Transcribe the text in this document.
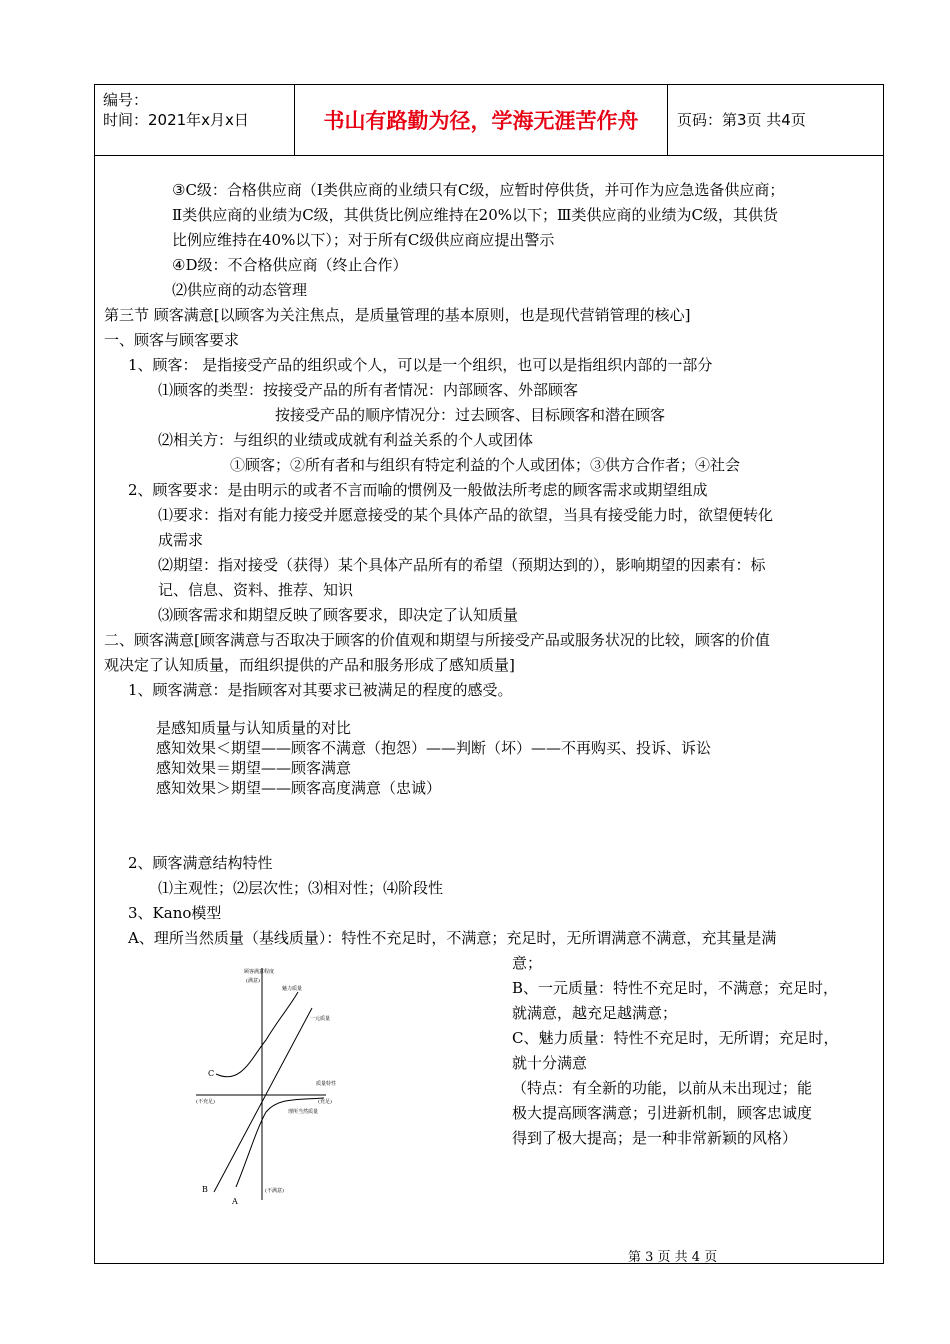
编号：
时间：2021年x月x日	书山有路勤为径，学海无涯苦作舟	页码：第3页 共4页
③C级：合格供应商（Ⅰ类供应商的业绩只有C级，应暂时停供货，并可作为应急选备供应商；
Ⅱ类供应商的业绩为C级，其供货比例应维持在20%以下；Ⅲ类供应商的业绩为C级，其供货
比例应维持在40%以下）；对于所有C级供应商应提出警示
④D级：不合格供应商（终止合作）
⑵供应商的动态管理
第三节 顾客满意[以顾客为关注焦点，是质量管理的基本原则，也是现代营销管理的核心]
一、顾客与顾客要求
1、顾客： 是指接受产品的组织或个人，可以是一个组织，也可以是指组织内部的一部分
⑴顾客的类型：按接受产品的所有者情况：内部顾客、外部顾客
按接受产品的顺序情况分：过去顾客、目标顾客和潜在顾客
⑵相关方：与组织的业绩或成就有利益关系的个人或团体
①顾客；②所有者和与组织有特定利益的个人或团体；③供方合作者；④社会
2、顾客要求：是由明示的或者不言而喻的惯例及一般做法所考虑的顾客需求或期望组成
⑴要求：指对有能力接受并愿意接受的某个具体产品的欲望，当具有接受能力时，欲望便转化
成需求
⑵期望：指对接受（获得）某个具体产品所有的希望（预期达到的），影响期望的因素有：标
记、信息、资料、推荐、知识
⑶顾客需求和期望反映了顾客要求，即决定了认知质量
二、顾客满意[顾客满意与否取决于顾客的价值观和期望与所接受产品或服务状况的比较，顾客的价值
观决定了认知质量，而组织提供的产品和服务形成了感知质量]
1、顾客满意：是指顾客对其要求已被满足的程度的感受。
是感知质量与认知质量的对比
感知效果＜期望——顾客不满意（抱怨）——判断（坏）——不再购买、投诉、诉讼
感知效果＝期望——顾客满意
感知效果＞期望——顾客高度满意（忠诚）
2、顾客满意结构特性
⑴主观性；⑵层次性；⑶相对性；⑷阶段性
3、Kano模型
A、理所当然质量（基线质量）：特性不充足时，不满意；充足时，无所谓满意不满意，充其量是满
意；
B、一元质量：特性不充足时，不满意；充足时，
就满意，越充足越满意；
C、魅力质量：特性不充足时，无所谓；充足时，
就十分满意
（特点：有全新的功能，以前从未出现过；能
极大提高顾客满意；引进新机制，顾客忠诚度
得到了极大提高；是一种非常新颖的风格）
顾客满意程度
(满意)
魅力质量
一元质量
质量特性
(充足)
(不充足)
理所当然质量
(不满意)
C
B
A
第 3 页 共 4 页
